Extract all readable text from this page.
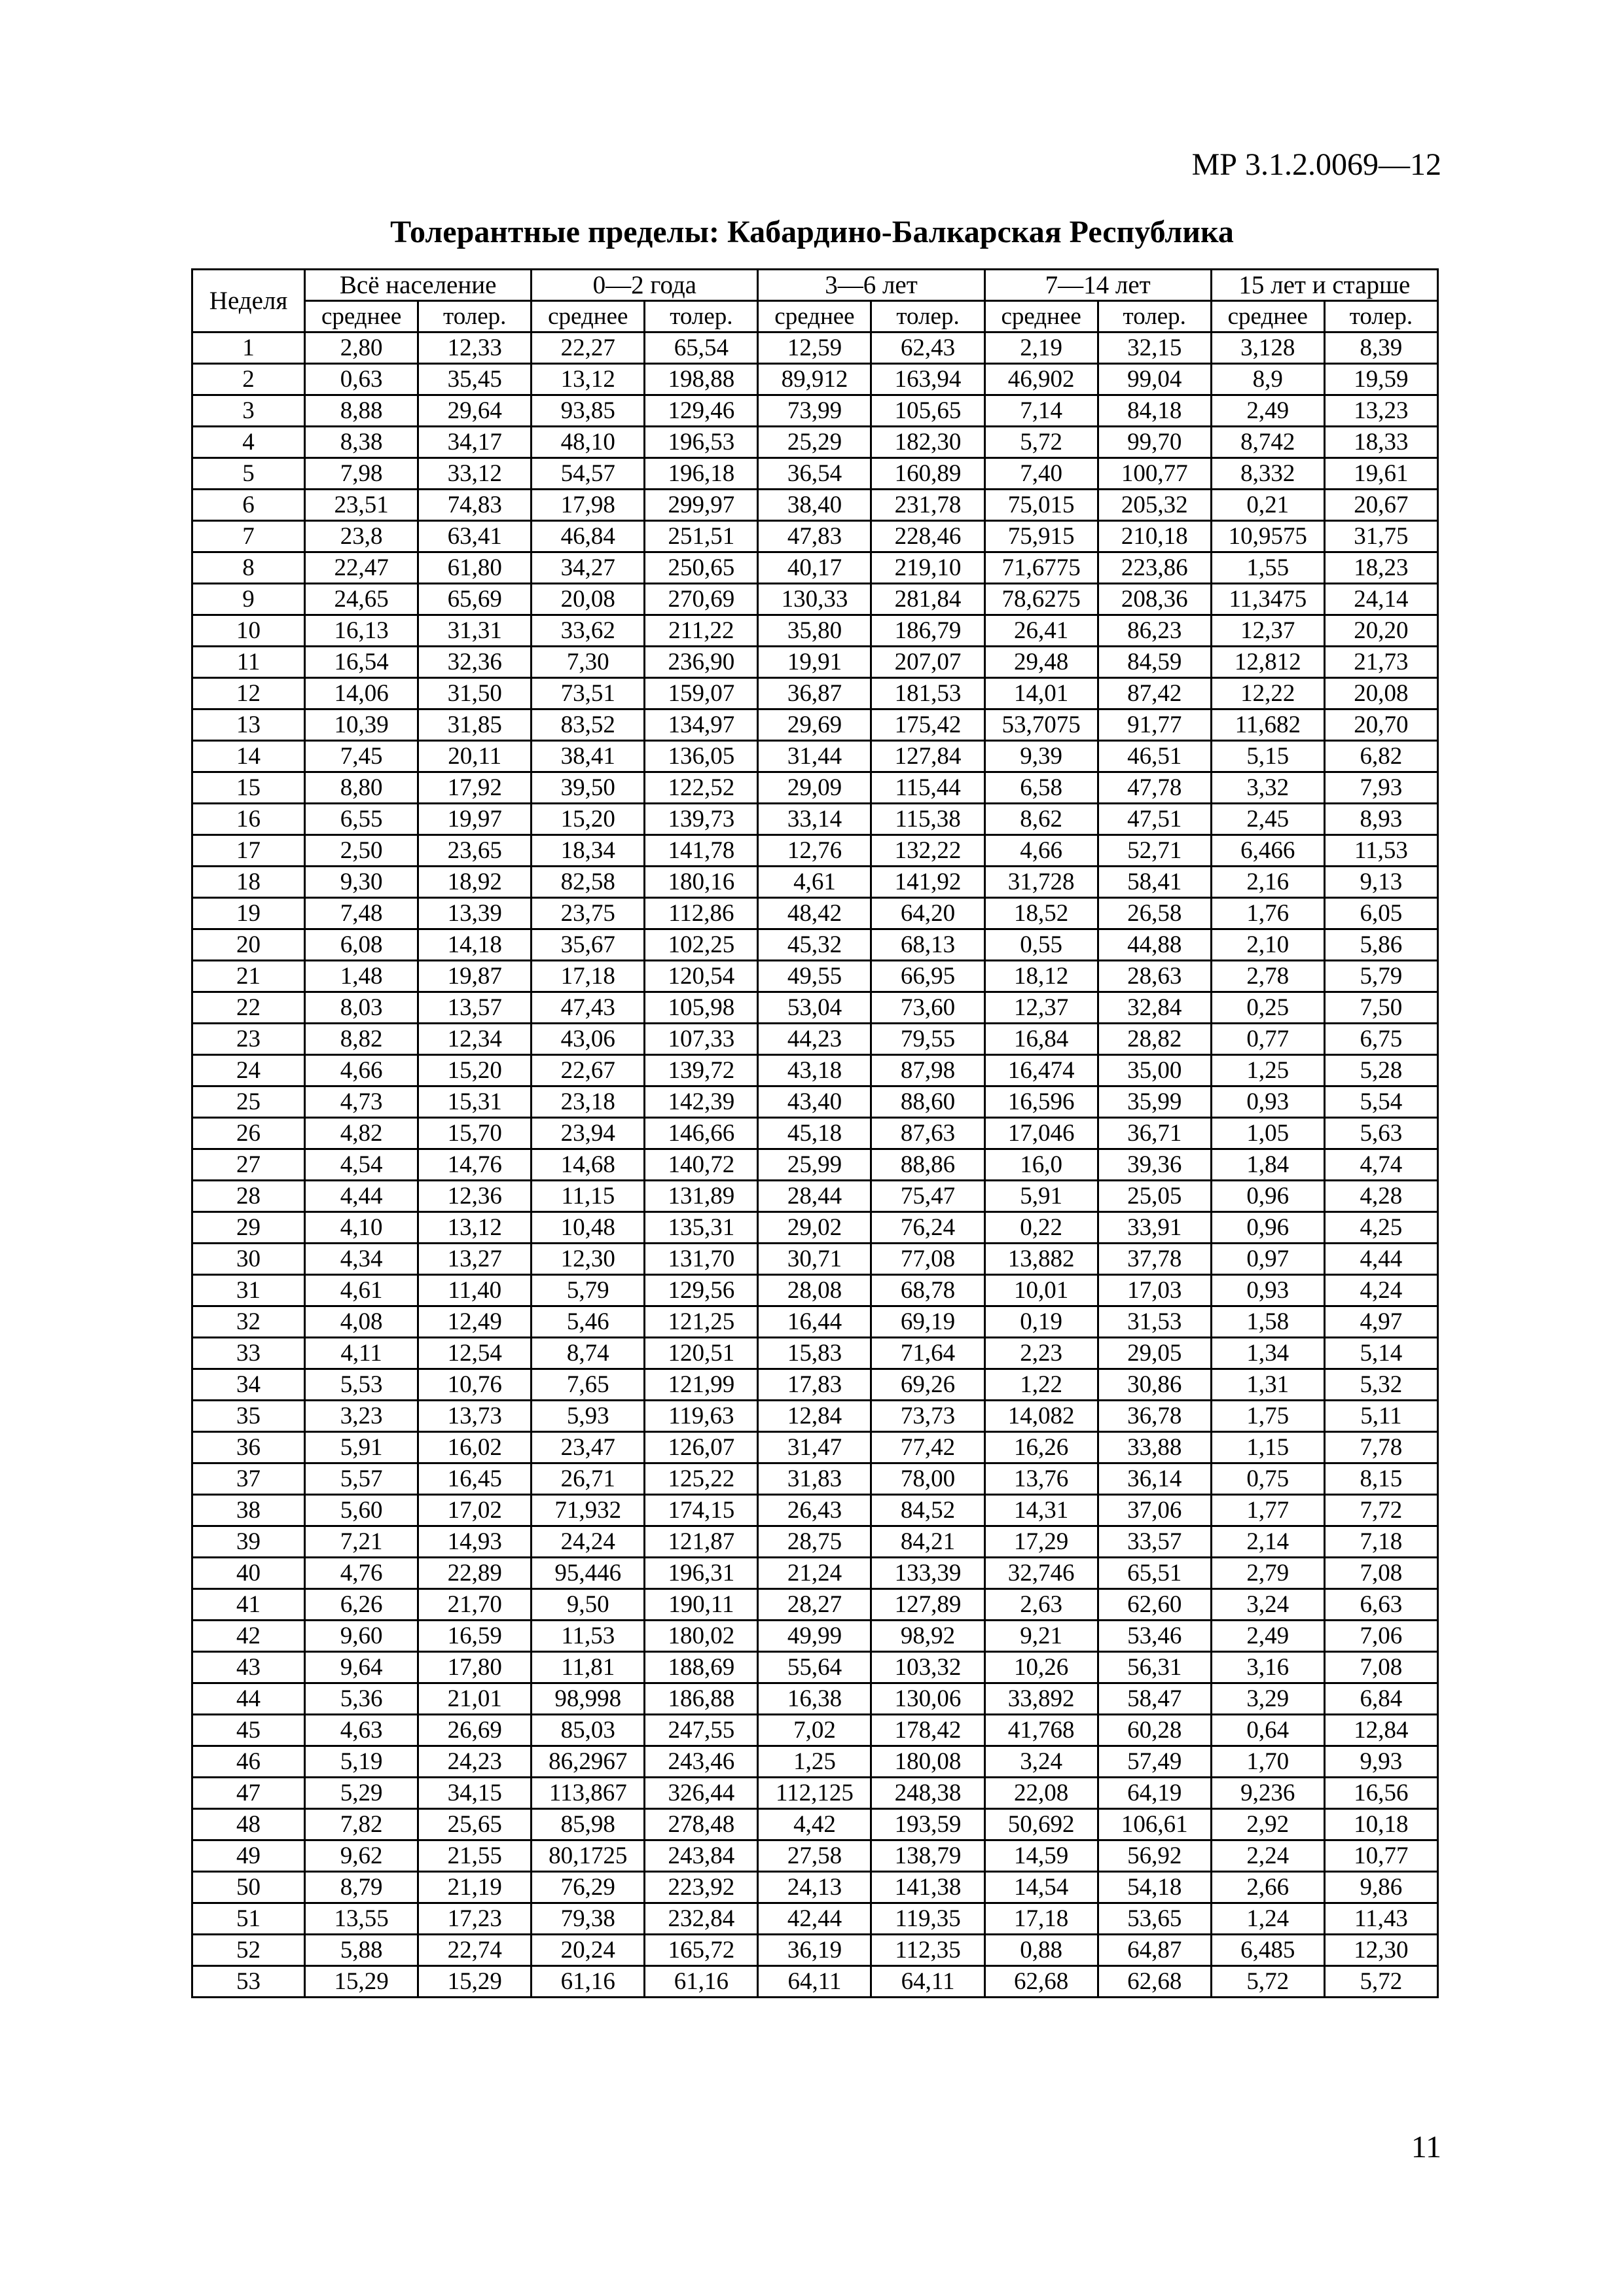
МР 3.1.2.0069—12
Толерантные пределы: Кабардино-Балкарская Республика
Неделя	Всё население		0—2 года		3—6 лет		7—14 лет		15 лет и старше	
	среднее	толер.	среднее	толер.	среднее	толер.	среднее	толер.	среднее	толер.
1	2,80	12,33	22,27	65,54	12,59	62,43	2,19	32,15	3,128	8,39
2	0,63	35,45	13,12	198,88	89,912	163,94	46,902	99,04	8,9	19,59
3	8,88	29,64	93,85	129,46	73,99	105,65	7,14	84,18	2,49	13,23
4	8,38	34,17	48,10	196,53	25,29	182,30	5,72	99,70	8,742	18,33
5	7,98	33,12	54,57	196,18	36,54	160,89	7,40	100,77	8,332	19,61
6	23,51	74,83	17,98	299,97	38,40	231,78	75,015	205,32	0,21	20,67
7	23,8	63,41	46,84	251,51	47,83	228,46	75,915	210,18	10,9575	31,75
8	22,47	61,80	34,27	250,65	40,17	219,10	71,6775	223,86	1,55	18,23
9	24,65	65,69	20,08	270,69	130,33	281,84	78,6275	208,36	11,3475	24,14
10	16,13	31,31	33,62	211,22	35,80	186,79	26,41	86,23	12,37	20,20
11	16,54	32,36	7,30	236,90	19,91	207,07	29,48	84,59	12,812	21,73
12	14,06	31,50	73,51	159,07	36,87	181,53	14,01	87,42	12,22	20,08
13	10,39	31,85	83,52	134,97	29,69	175,42	53,7075	91,77	11,682	20,70
14	7,45	20,11	38,41	136,05	31,44	127,84	9,39	46,51	5,15	6,82
15	8,80	17,92	39,50	122,52	29,09	115,44	6,58	47,78	3,32	7,93
16	6,55	19,97	15,20	139,73	33,14	115,38	8,62	47,51	2,45	8,93
17	2,50	23,65	18,34	141,78	12,76	132,22	4,66	52,71	6,466	11,53
18	9,30	18,92	82,58	180,16	4,61	141,92	31,728	58,41	2,16	9,13
19	7,48	13,39	23,75	112,86	48,42	64,20	18,52	26,58	1,76	6,05
20	6,08	14,18	35,67	102,25	45,32	68,13	0,55	44,88	2,10	5,86
21	1,48	19,87	17,18	120,54	49,55	66,95	18,12	28,63	2,78	5,79
22	8,03	13,57	47,43	105,98	53,04	73,60	12,37	32,84	0,25	7,50
23	8,82	12,34	43,06	107,33	44,23	79,55	16,84	28,82	0,77	6,75
24	4,66	15,20	22,67	139,72	43,18	87,98	16,474	35,00	1,25	5,28
25	4,73	15,31	23,18	142,39	43,40	88,60	16,596	35,99	0,93	5,54
26	4,82	15,70	23,94	146,66	45,18	87,63	17,046	36,71	1,05	5,63
27	4,54	14,76	14,68	140,72	25,99	88,86	16,0	39,36	1,84	4,74
28	4,44	12,36	11,15	131,89	28,44	75,47	5,91	25,05	0,96	4,28
29	4,10	13,12	10,48	135,31	29,02	76,24	0,22	33,91	0,96	4,25
30	4,34	13,27	12,30	131,70	30,71	77,08	13,882	37,78	0,97	4,44
31	4,61	11,40	5,79	129,56	28,08	68,78	10,01	17,03	0,93	4,24
32	4,08	12,49	5,46	121,25	16,44	69,19	0,19	31,53	1,58	4,97
33	4,11	12,54	8,74	120,51	15,83	71,64	2,23	29,05	1,34	5,14
34	5,53	10,76	7,65	121,99	17,83	69,26	1,22	30,86	1,31	5,32
35	3,23	13,73	5,93	119,63	12,84	73,73	14,082	36,78	1,75	5,11
36	5,91	16,02	23,47	126,07	31,47	77,42	16,26	33,88	1,15	7,78
37	5,57	16,45	26,71	125,22	31,83	78,00	13,76	36,14	0,75	8,15
38	5,60	17,02	71,932	174,15	26,43	84,52	14,31	37,06	1,77	7,72
39	7,21	14,93	24,24	121,87	28,75	84,21	17,29	33,57	2,14	7,18
40	4,76	22,89	95,446	196,31	21,24	133,39	32,746	65,51	2,79	7,08
41	6,26	21,70	9,50	190,11	28,27	127,89	2,63	62,60	3,24	6,63
42	9,60	16,59	11,53	180,02	49,99	98,92	9,21	53,46	2,49	7,06
43	9,64	17,80	11,81	188,69	55,64	103,32	10,26	56,31	3,16	7,08
44	5,36	21,01	98,998	186,88	16,38	130,06	33,892	58,47	3,29	6,84
45	4,63	26,69	85,03	247,55	7,02	178,42	41,768	60,28	0,64	12,84
46	5,19	24,23	86,2967	243,46	1,25	180,08	3,24	57,49	1,70	9,93
47	5,29	34,15	113,867	326,44	112,125	248,38	22,08	64,19	9,236	16,56
48	7,82	25,65	85,98	278,48	4,42	193,59	50,692	106,61	2,92	10,18
49	9,62	21,55	80,1725	243,84	27,58	138,79	14,59	56,92	2,24	10,77
50	8,79	21,19	76,29	223,92	24,13	141,38	14,54	54,18	2,66	9,86
51	13,55	17,23	79,38	232,84	42,44	119,35	17,18	53,65	1,24	11,43
52	5,88	22,74	20,24	165,72	36,19	112,35	0,88	64,87	6,485	12,30
53	15,29	15,29	61,16	61,16	64,11	64,11	62,68	62,68	5,72	5,72
11
